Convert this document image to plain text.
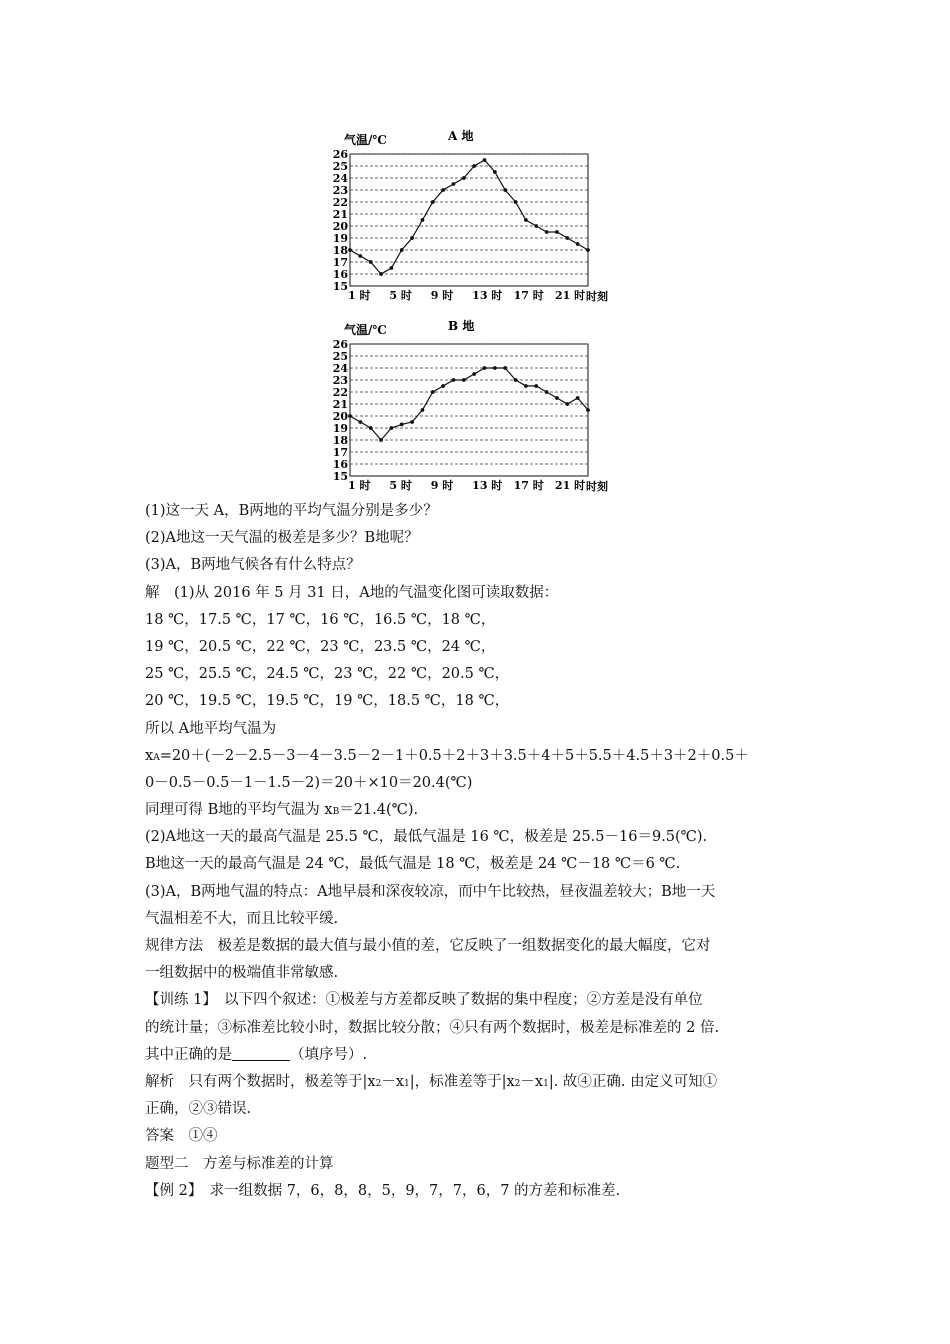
气温/℃	A 地
15
16
17
18
19
20
21
22
23
24
25
26
1 时 5 时 9 时 13 时 17 时 21 时 时刻
气温/℃	B 地
15
16
17
18
19
20
21
22
23
24
25
26
1 时 5 时 9 时 13 时 17 时 21 时 时刻
(1)这一天 A，B两地的平均气温分别是多少？
(2)A地这一天气温的极差是多少？B地呢？
(3)A，B两地气候各有什么特点？
解　(1)从 2016 年 5 月 31 日，A地的气温变化图可读取数据：
18 ℃，17.5 ℃，17 ℃，16 ℃，16.5 ℃，18 ℃，
19 ℃，20.5 ℃，22 ℃，23 ℃，23.5 ℃，24 ℃，
25 ℃，25.5 ℃，24.5 ℃，23 ℃，22 ℃，20.5 ℃，
20 ℃，19.5 ℃，19.5 ℃，19 ℃，18.5 ℃，18 ℃，
所以 A地平均气温为
xA=20＋(－2－2.5－3－4－3.5－2－1＋0.5＋2＋3＋3.5＋4＋5＋5.5＋4.5＋3＋2＋0.5＋
0－0.5－0.5－1－1.5－2)＝20＋×10＝20.4(℃)
同理可得 B地的平均气温为 xB＝21.4(℃).
(2)A地这一天的最高气温是 25.5 ℃，最低气温是 16 ℃，极差是 25.5－16＝9.5(℃).
B地这一天的最高气温是 24 ℃，最低气温是 18 ℃，极差是 24 ℃－18 ℃＝6 ℃.
(3)A，B两地气温的特点：A地早晨和深夜较凉，而中午比较热，昼夜温差较大；B地一天
气温相差不大，而且比较平缓.
规律方法　极差是数据的最大值与最小值的差，它反映了一组数据变化的最大幅度，它对
一组数据中的极端值非常敏感.
【训练 1】　以下四个叙述：①极差与方差都反映了数据的集中程度；②方差是没有单位
的统计量；③标准差比较小时，数据比较分散；④只有两个数据时，极差是标准差的 2 倍.
其中正确的是	（填序号）.
解析　只有两个数据时，极差等于|x2－x1|，标准差等于|x2－x1|. 故④正确. 由定义可知①
正确，②③错误.
答案　①④
题型二　方差与标准差的计算
【例 2】　求一组数据 7，6，8，8，5，9，7，7，6，7 的方差和标准差.
